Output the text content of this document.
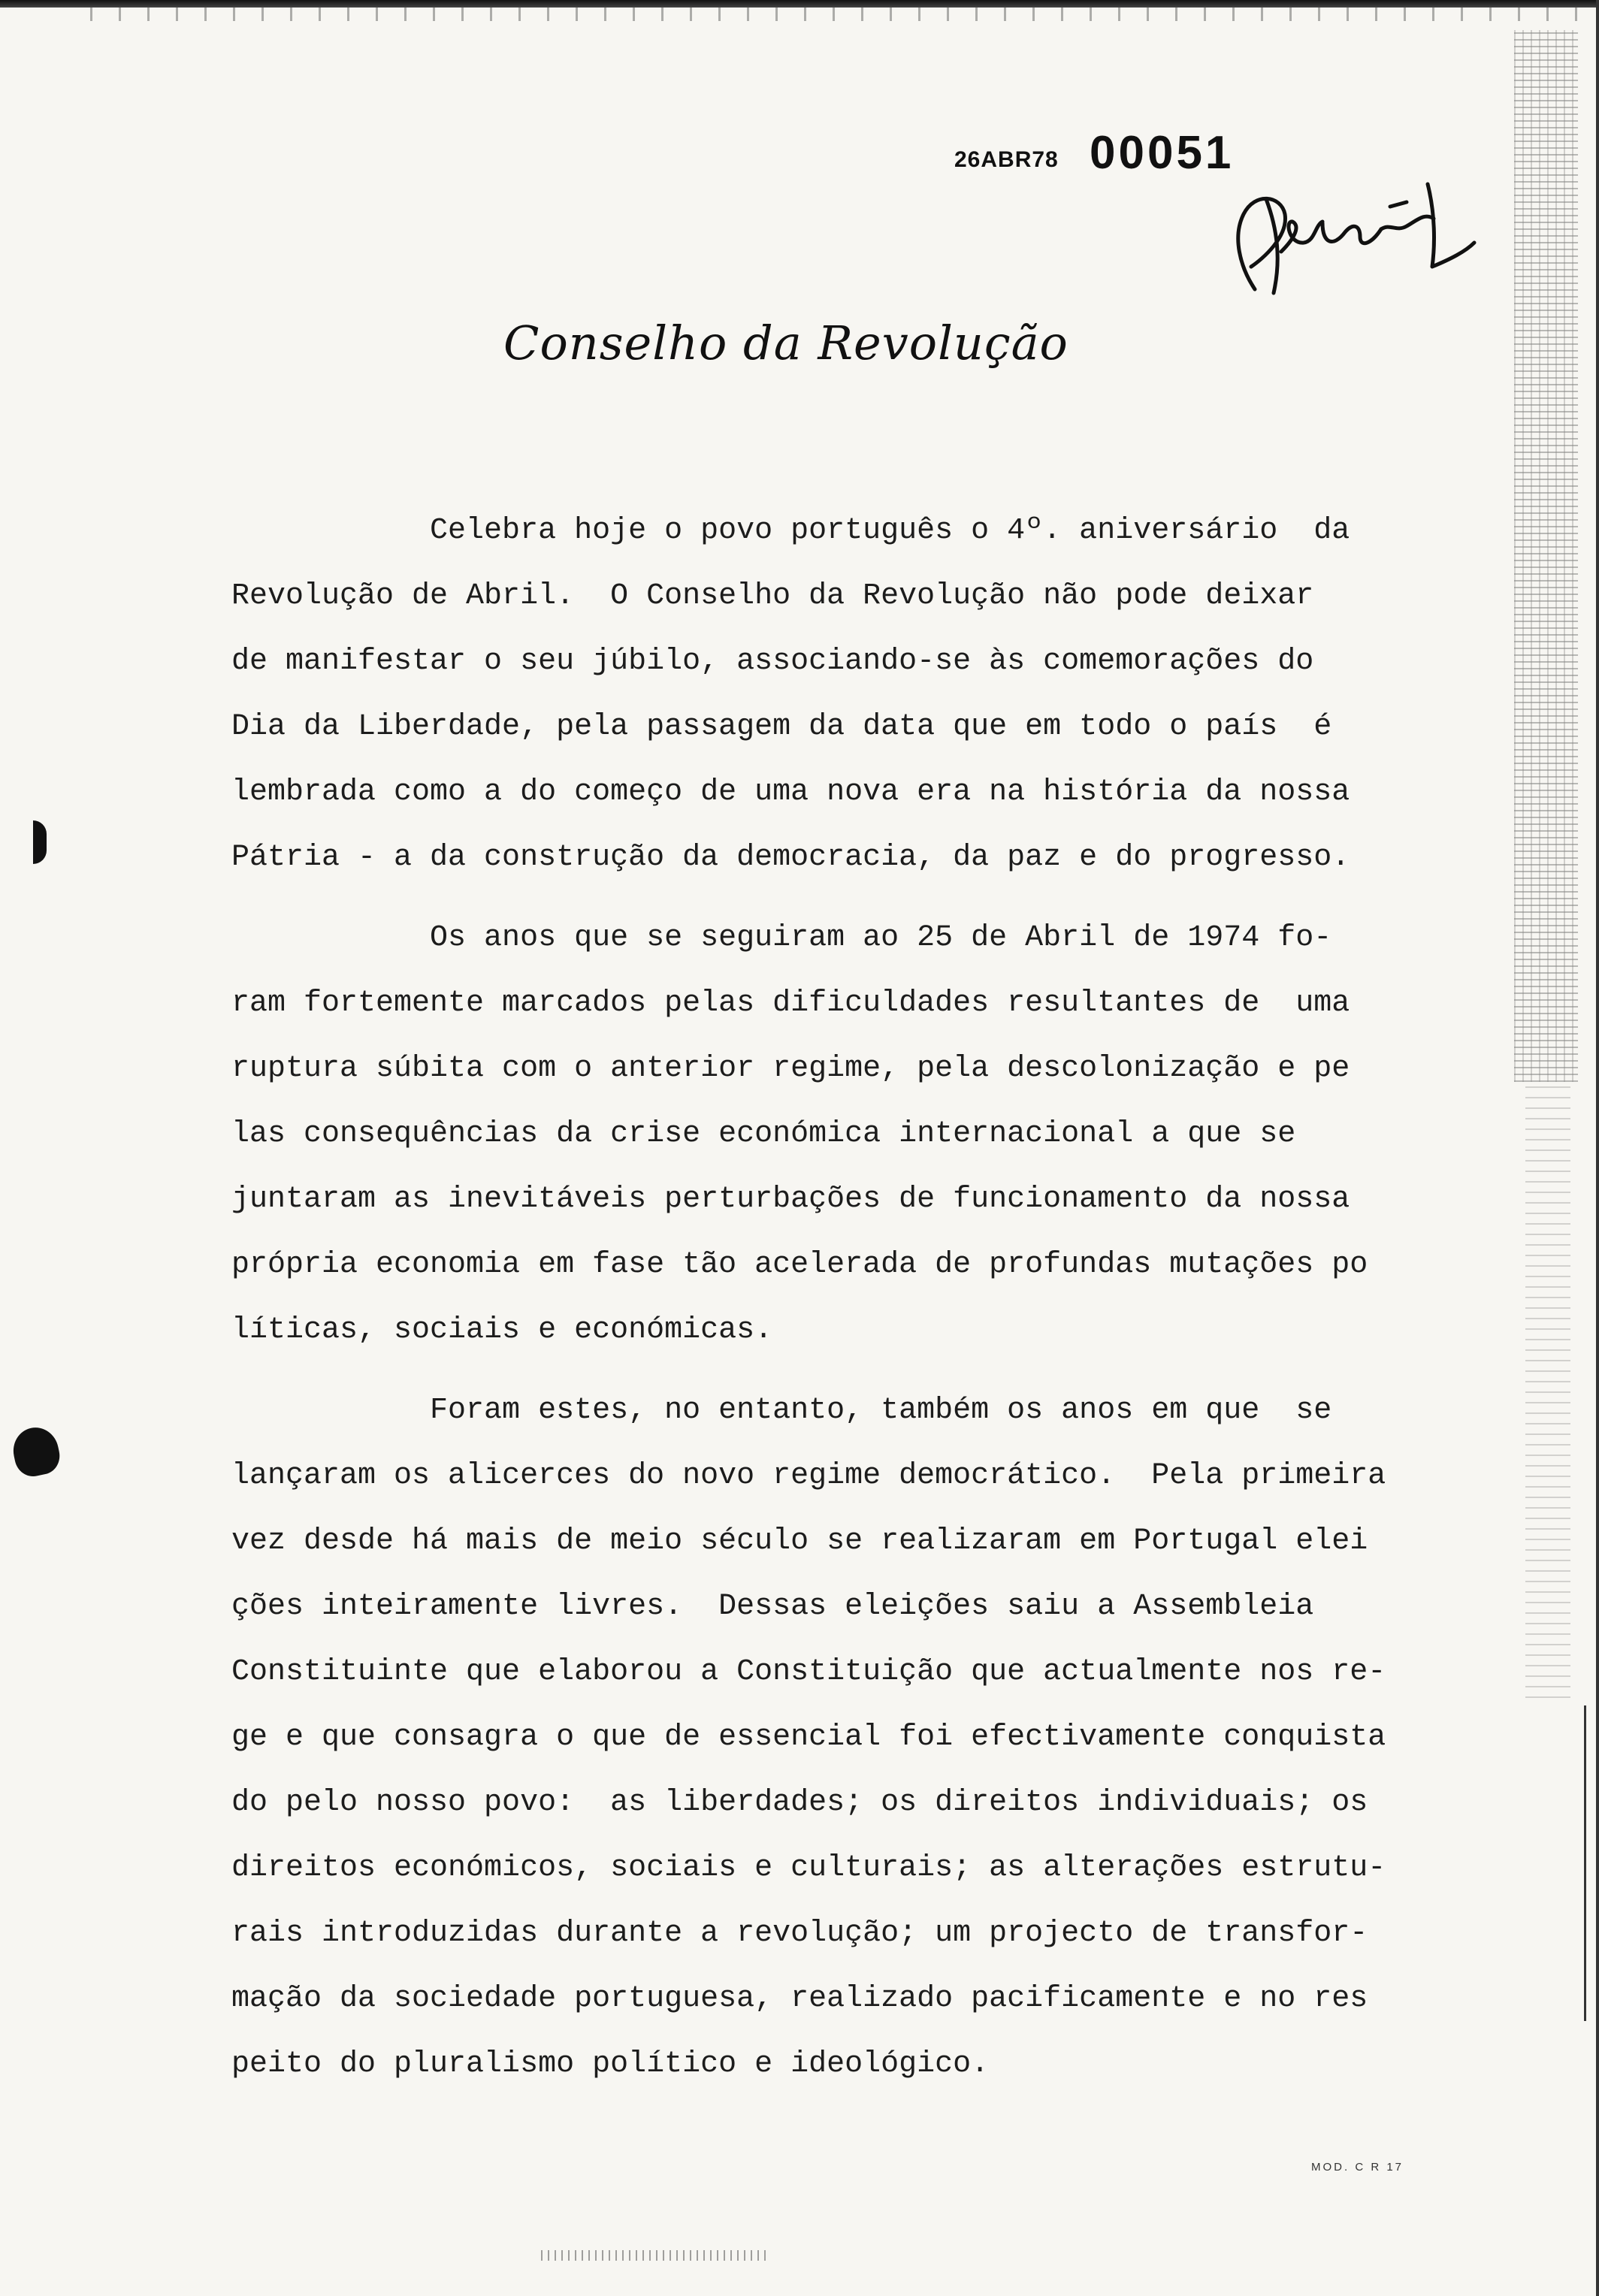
26ABR78 00051
Conselho da Revolução
Celebra hoje o povo português o 4º. aniversário  da
Revolução de Abril.  O Conselho da Revolução não pode deixar
de manifestar o seu júbilo, associando-se às comemorações do
Dia da Liberdade, pela passagem da data que em todo o país  é
lembrada como a do começo de uma nova era na história da nossa
Pátria - a da construção da democracia, da paz e do progresso.
Os anos que se seguiram ao 25 de Abril de 1974 fo-
ram fortemente marcados pelas dificuldades resultantes de  uma
ruptura súbita com o anterior regime, pela descolonização e pe
las consequências da crise económica internacional a que se
juntaram as inevitáveis perturbações de funcionamento da nossa
própria economia em fase tão acelerada de profundas mutações po
líticas, sociais e económicas.
Foram estes, no entanto, também os anos em que  se
lançaram os alicerces do novo regime democrático.  Pela primeira
vez desde há mais de meio século se realizaram em Portugal elei
ções inteiramente livres.  Dessas eleições saiu a Assembleia
Constituinte que elaborou a Constituição que actualmente nos re-
ge e que consagra o que de essencial foi efectivamente conquista
do pelo nosso povo:  as liberdades; os direitos individuais; os
direitos económicos, sociais e culturais; as alterações estrutu-
rais introduzidas durante a revolução; um projecto de transfor-
mação da sociedade portuguesa, realizado pacificamente e no res
peito do pluralismo político e ideológico.
MOD. C R 17
